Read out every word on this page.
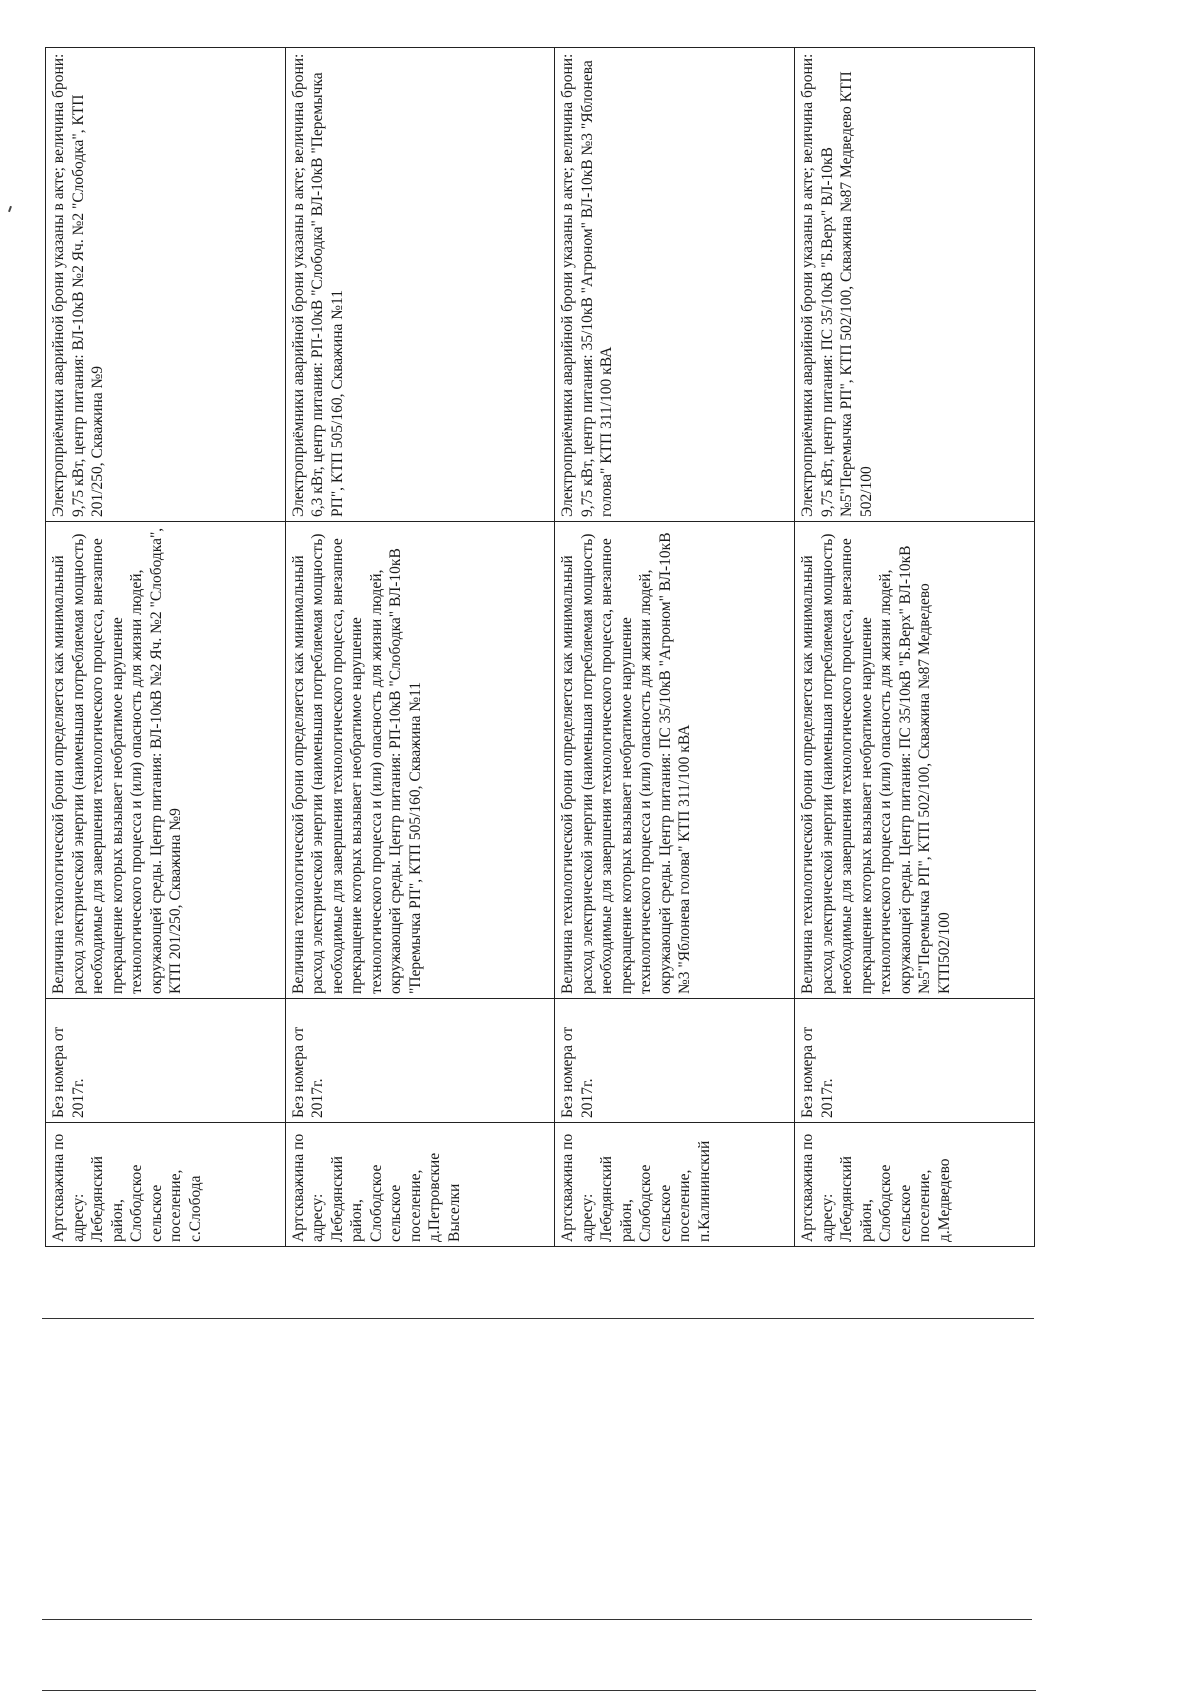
Артскважина по адресу: Лебедянский район, Слободское сельское поселение, с.Слобода	Без номера от 2017г.	Величина технологической брони определяется как минимальный расход электрической энергии (наименьшая потребляемая мощность) необходимые для завершения технологического процесса, внезапное прекращение которых вызывает необратимое нарушение технологического процесса и (или) опасность для жизни людей, окружающей среды. Центр питания: ВЛ-10кВ №2 Яч. №2 "Слободка", КТП 201/250, Скважина №9	Электроприёмники аварийной брони указаны в акте; величина брони: 9,75 кВт, центр питания: ВЛ-10кВ №2 Яч. №2 "Слободка", КТП 201/250, Скважина №9
Артскважина по адресу: Лебедянский район, Слободское сельское поселение, д.Петровские Выселки	Без номера от 2017г.	Величина технологической брони определяется как минимальный расход электрической энергии (наименьшая потребляемая мощность) необходимые для завершения технологического процесса, внезапное прекращение которых вызывает необратимое нарушение технологического процесса и (или) опасность для жизни людей, окружающей среды. Центр питания: РП-10кВ "Слободка" ВЛ-10кВ "Перемычка РП", КТП 505/160, Скважина №11	Электроприёмники аварийной брони указаны в акте; величина брони: 6,3 кВт, центр питания: РП-10кВ "Слободка" ВЛ-10кВ "Перемычка РП", КТП 505/160, Скважина №11
Артскважина по адресу: Лебедянский район, Слободское сельское поселение, п.Калининский	Без номера от 2017г.	Величина технологической брони определяется как минимальный расход электрической энергии (наименьшая потребляемая мощность) необходимые для завершения технологического процесса, внезапное прекращение которых вызывает необратимое нарушение технологического процесса и (или) опасность для жизни людей, окружающей среды. Центр питания: ПС 35/10кВ "Агроном" ВЛ-10кВ №3 "Яблонева голова" КТП 311/100 кВА	Электроприёмники аварийной брони указаны в акте; величина брони: 9,75 кВт, центр питания: 35/10кВ "Агроном" ВЛ-10кВ №3 "Яблонева голова" КТП 311/100 кВА
Артскважина по адресу: Лебедянский район, Слободское сельское поселение, д.Медведево	Без номера от 2017г.	Величина технологической брони определяется как минимальный расход электрической энергии (наименьшая потребляемая мощность) необходимые для завершения технологического процесса, внезапное прекращение которых вызывает необратимое нарушение технологического процесса и (или) опасность для жизни людей, окружающей среды. Центр питания: ПС 35/10кВ "Б.Верх" ВЛ-10кВ №5"Перемычка РП", КТП 502/100, Скважина №87 Медведево КТП502/100	Электроприёмники аварийной брони указаны в акте; величина брони: 9,75 кВт, центр питания: ПС 35/10кВ "Б.Верх" ВЛ-10кВ №5"Перемычка РП", КТП 502/100, Скважина №87 Медведево КТП 502/100
